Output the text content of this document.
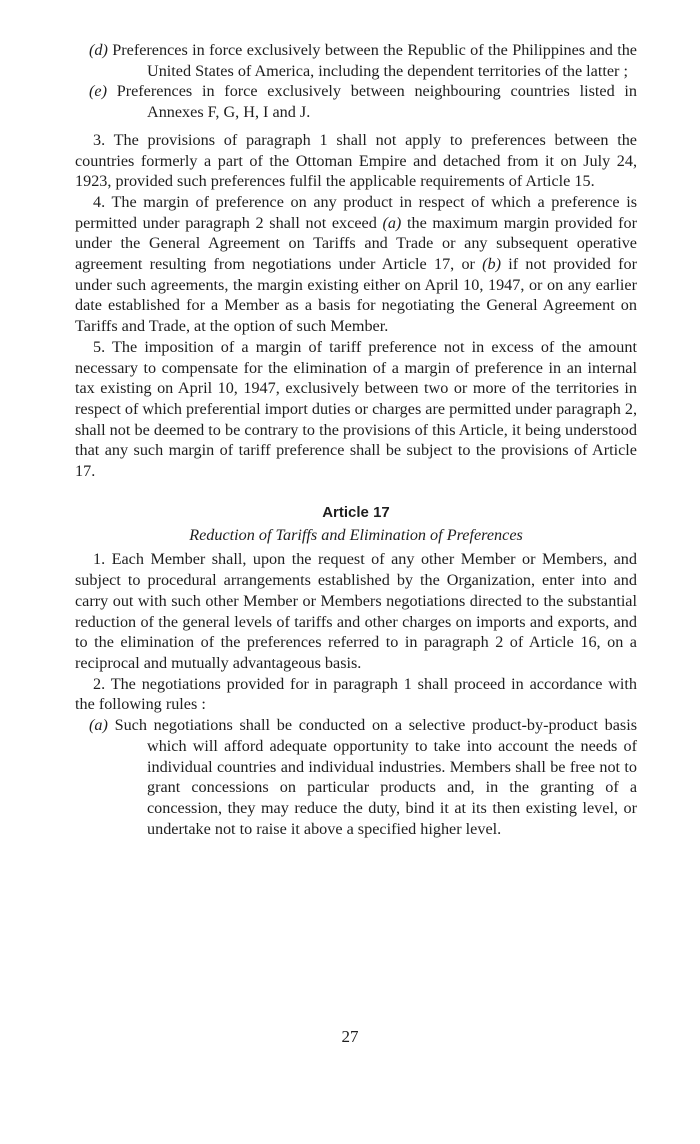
(d) Preferences in force exclusively between the Republic of the Philippines and the United States of America, including the dependent territories of the latter ;

(e) Preferences in force exclusively between neighbouring countries listed in Annexes F, G, H, I and J.

3. The provisions of paragraph 1 shall not apply to preferences between the countries formerly a part of the Ottoman Empire and detached from it on July 24, 1923, provided such preferences fulfil the applicable requirements of Article 15.

4. The margin of preference on any product in respect of which a preference is permitted under paragraph 2 shall not exceed (a) the maximum margin provided for under the General Agreement on Tariffs and Trade or any subsequent operative agreement resulting from negotiations under Article 17, or (b) if not provided for under such agreements, the margin existing either on April 10, 1947, or on any earlier date established for a Member as a basis for negotiating the General Agreement on Tariffs and Trade, at the option of such Member.

5. The imposition of a margin of tariff preference not in excess of the amount necessary to compensate for the elimination of a margin of preference in an internal tax existing on April 10, 1947, exclusively between two or more of the territories in respect of which preferential import duties or charges are permitted under paragraph 2, shall not be deemed to be contrary to the provisions of this Article, it being understood that any such margin of tariff preference shall be subject to the provisions of Article 17.

Article 17

Reduction of Tariffs and Elimination of Preferences

1. Each Member shall, upon the request of any other Member or Members, and subject to procedural arrangements established by the Organization, enter into and carry out with such other Member or Members negotiations directed to the substantial reduction of the general levels of tariffs and other charges on imports and exports, and to the elimination of the preferences referred to in paragraph 2 of Article 16, on a reciprocal and mutually advantageous basis.

2. The negotiations provided for in paragraph 1 shall proceed in accordance with the following rules :

(a) Such negotiations shall be conducted on a selective product-by-product basis which will afford adequate opportunity to take into account the needs of individual countries and individual industries. Members shall be free not to grant concessions on particular products and, in the granting of a concession, they may reduce the duty, bind it at its then existing level, or undertake not to raise it above a specified higher level.

27
